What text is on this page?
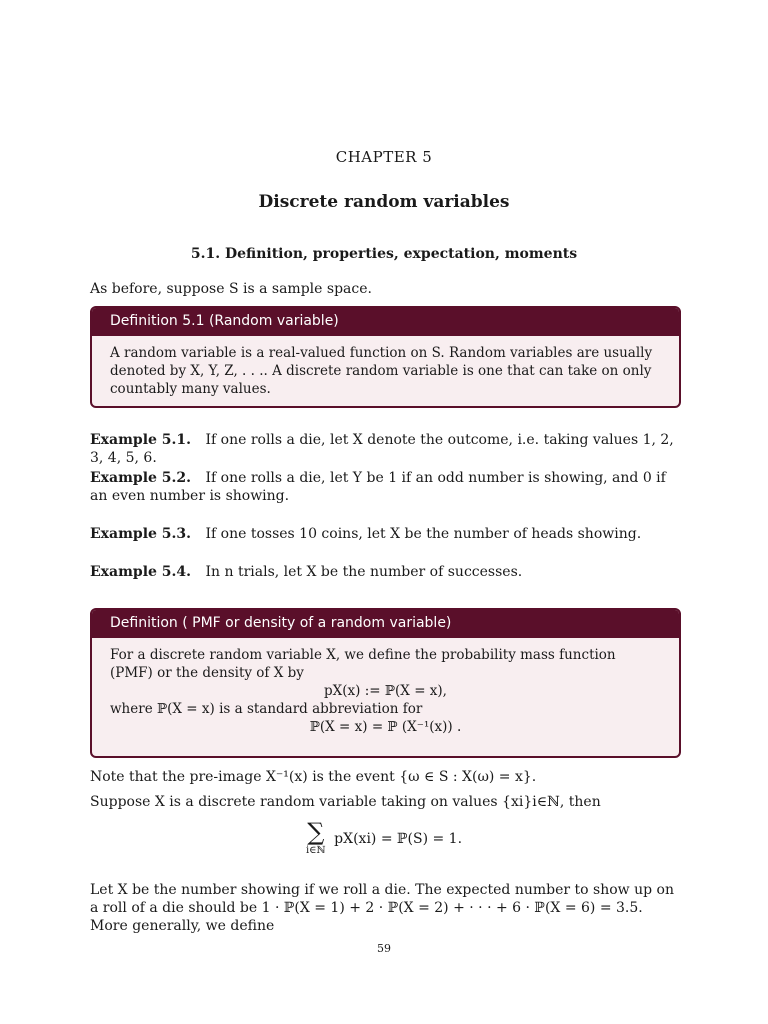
CHAPTER 5
Discrete random variables
5.1. Definition, properties, expectation, moments
As before, suppose S is a sample space.
Definition 5.1 (Random variable)
A random variable is a real-valued function on S. Random variables are usually denoted by X, Y, Z, . . .. A discrete random variable is one that can take on only countably many values.
Example 5.1. If one rolls a die, let X denote the outcome, i.e. taking values 1, 2, 3, 4, 5, 6.
Example 5.2. If one rolls a die, let Y be 1 if an odd number is showing, and 0 if an even number is showing.
Example 5.3. If one tosses 10 coins, let X be the number of heads showing.
Example 5.4. In n trials, let X be the number of successes.
Definition ( PMF or density of a random variable)
For a discrete random variable X, we define the probability mass function (PMF) or the density of X by
pX(x) := ℙ(X = x),
where ℙ(X = x) is a standard abbreviation for
ℙ(X = x) = ℙ (X⁻¹(x)) .
Note that the pre-image X⁻¹(x) is the event {ω ∈ S : X(ω) = x}.
Suppose X is a discrete random variable taking on values {xi}i∈ℕ, then
∑
i∈ℕ
pX(xi) = ℙ(S) = 1.
Let X be the number showing if we roll a die. The expected number to show up on a roll of a die should be 1 · ℙ(X = 1) + 2 · ℙ(X = 2) + · · · + 6 · ℙ(X = 6) = 3.5. More generally, we define
59
